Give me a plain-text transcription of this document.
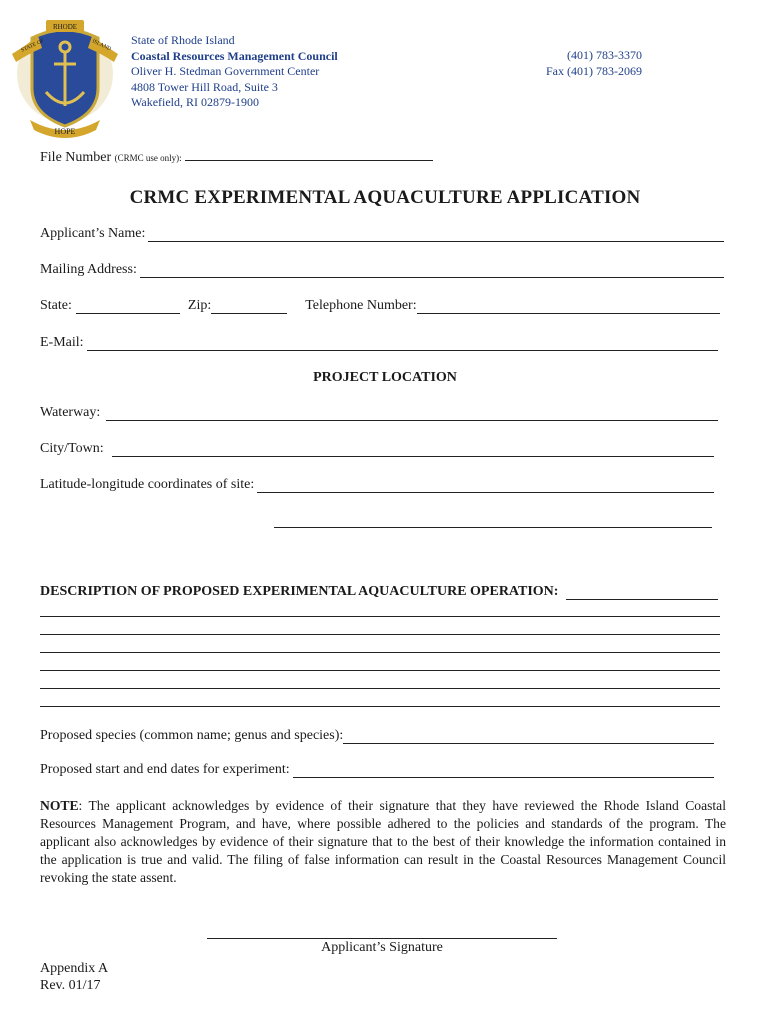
RHODE
STATE OF	ISLAND
HOPE
State of Rhode Island
Coastal Resources Management Council
Oliver H. Stedman Government Center
4808 Tower Hill Road, Suite 3
Wakefield, RI 02879-1900
(401) 783-3370
Fax (401) 783-2069
File Number (CRMC use only):
CRMC EXPERIMENTAL AQUACULTURE APPLICATION
Applicant’s Name:
Mailing Address:
State:	Zip:	Telephone Number:
E-Mail:
PROJECT LOCATION
Waterway:
City/Town:
Latitude-longitude coordinates of site:
DESCRIPTION OF PROPOSED EXPERIMENTAL AQUACULTURE OPERATION:
Proposed species (common name; genus and species):
Proposed start and end dates for experiment:
NOTE: The applicant acknowledges by evidence of their signature that they have reviewed the Rhode Island Coastal Resources Management Program, and have, where possible adhered to the policies and standards of the program. The applicant also acknowledges by evidence of their signature that to the best of their knowledge the information contained in the application is true and valid. The filing of false information can result in the Coastal Resources Management Council revoking the state assent.
Applicant’s Signature
Appendix A
Rev. 01/17
